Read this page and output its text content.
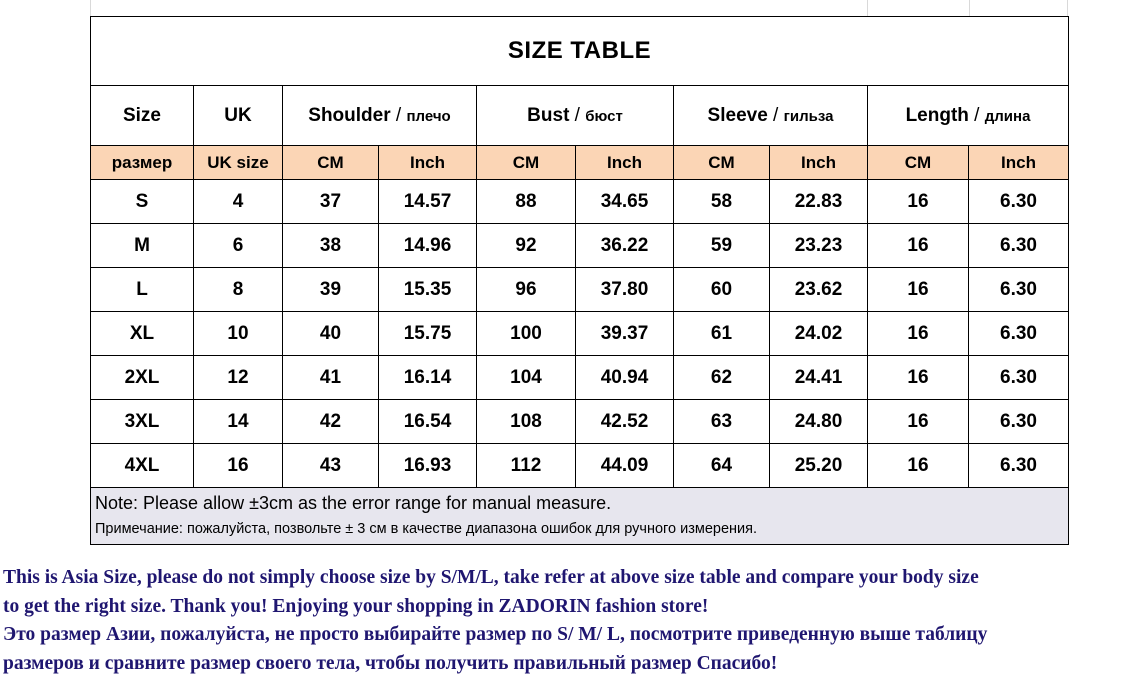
SIZE TABLE									
Size	UK	Shoulder / плечо		Bust / бюст		Sleeve / гильза		Length / длина	
размер	UK size	CM	Inch	CM	Inch	CM	Inch	CM	Inch
S	4	37	14.57	88	34.65	58	22.83	16	6.30
M	6	38	14.96	92	36.22	59	23.23	16	6.30
L	8	39	15.35	96	37.80	60	23.62	16	6.30
XL	10	40	15.75	100	39.37	61	24.02	16	6.30
2XL	12	41	16.14	104	40.94	62	24.41	16	6.30
3XL	14	42	16.54	108	42.52	63	24.80	16	6.30
4XL	16	43	16.93	112	44.09	64	25.20	16	6.30

Note: Please allow ±3cm as the error range for manual measure.
Примечание: пожалуйста, позвольте ± 3 см в качестве диапазона ошибок для ручного измерения.									
This is Asia Size, please do not simply choose size by S/M/L, take refer at above size table and compare your body size
to get the right size. Thank you! Enjoying your shopping in ZADORIN fashion store!
Это размер Азии, пожалуйста, не просто выбирайте размер по S/ M/ L, посмотрите приведенную выше таблицу
размеров и сравните размер своего тела, чтобы получить правильный размер Спасибо!
